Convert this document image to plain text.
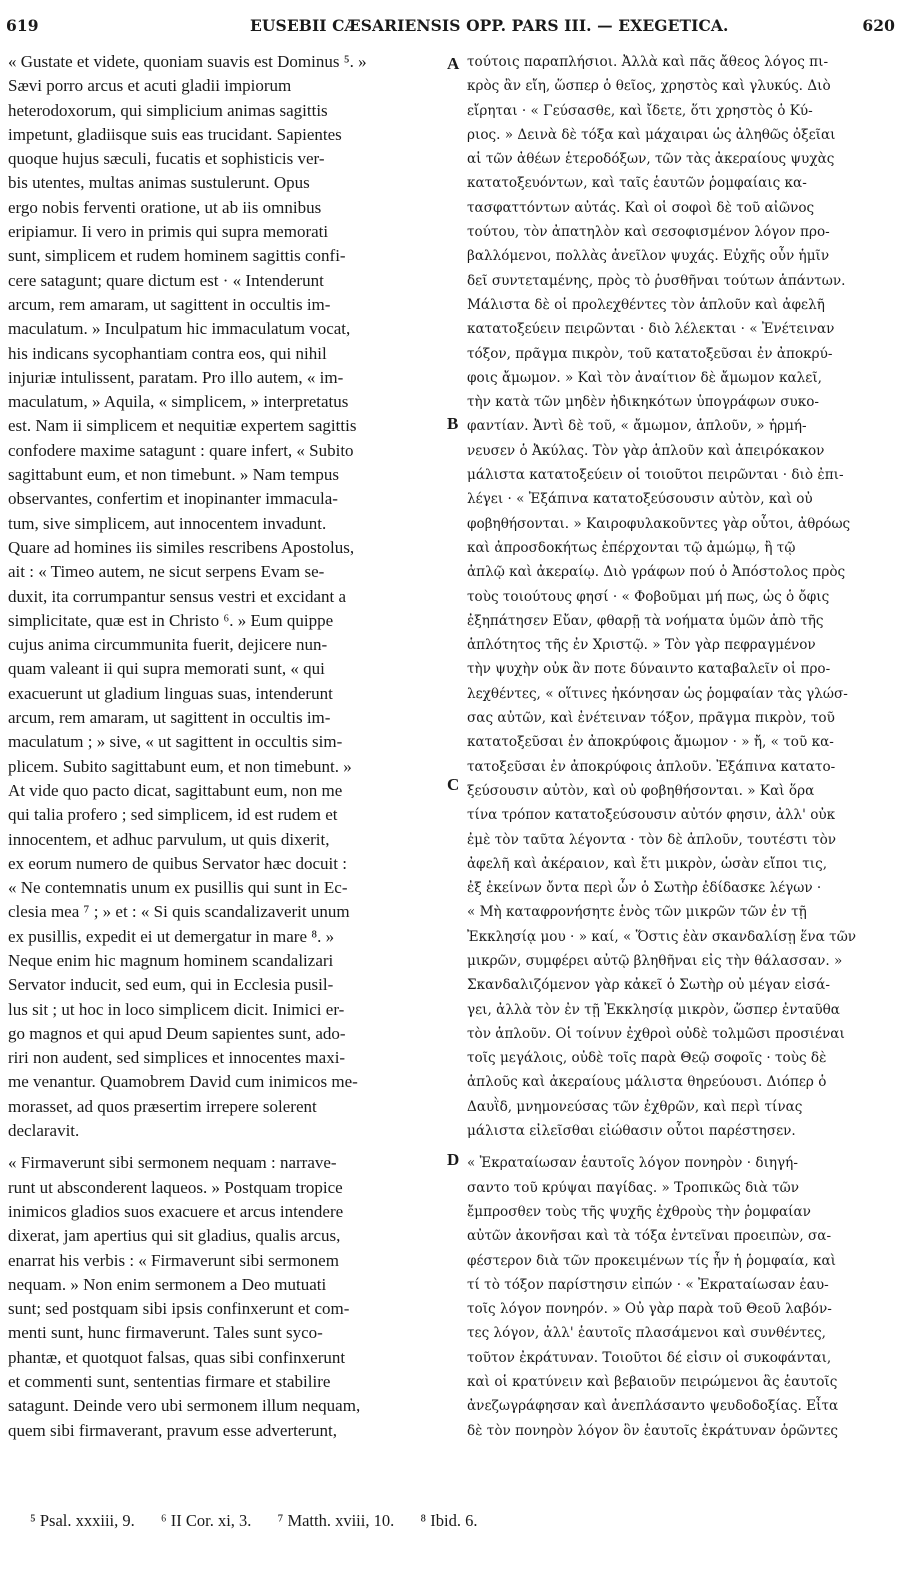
619	EUSEBII CÆSARIENSIS OPP. PARS III. — EXEGETICA.	620
« Gustate et videte, quoniam suavis est Dominus ⁵. »
Sævi porro arcus et acuti gladii impiorum
heterodoxorum, qui simplicium animas sagittis
impetunt, gladiisque suis eas trucidant. Sapientes
quoque hujus sæculi, fucatis et sophisticis ver-
bis utentes, multas animas sustulerunt. Opus
ergo nobis ferventi oratione, ut ab iis omnibus
eripiamur. Ii vero in primis qui supra memorati
sunt, simplicem et rudem hominem sagittis confi-
cere satagunt; quare dictum est · « Intenderunt
arcum, rem amaram, ut sagittent in occultis im-
maculatum. » Inculpatum hic immaculatum vocat,
his indicans sycophantiam contra eos, qui nihil
injuriæ intulissent, paratam. Pro illo autem, « im-
maculatum, » Aquila, « simplicem, » interpretatus
est. Nam ii simplicem et nequitiæ expertem sagittis
confodere maxime satagunt : quare infert, « Subito
sagittabunt eum, et non timebunt. » Nam tempus
observantes, confertim et inopinanter immacula-
tum, sive simplicem, aut innocentem invadunt.
Quare ad homines iis similes rescribens Apostolus,
ait : « Timeo autem, ne sicut serpens Evam se-
duxit, ita corrumpantur sensus vestri et excidant a
simplicitate, quæ est in Christo ⁶. » Eum quippe
cujus anima circummunita fuerit, dejicere nun-
quam valeant ii qui supra memorati sunt, « qui
exacuerunt ut gladium linguas suas, intenderunt
arcum, rem amaram, ut sagittent in occultis im-
maculatum ; » sive, « ut sagittent in occultis sim-
plicem. Subito sagittabunt eum, et non timebunt. »
At vide quo pacto dicat, sagittabunt eum, non me
qui talia profero ; sed simplicem, id est rudem et
innocentem, et adhuc parvulum, ut quis dixerit,
ex eorum numero de quibus Servator hæc docuit :
« Ne contemnatis unum ex pusillis qui sunt in Ec-
clesia mea ⁷ ; » et : « Si quis scandalizaverit unum
ex pusillis, expedit ei ut demergatur in mare ⁸. »
Neque enim hic magnum hominem scandalizari
Servator inducit, sed eum, qui in Ecclesia pusil-
lus sit ; ut hoc in loco simplicem dicit. Inimici er-
go magnos et qui apud Deum sapientes sunt, ado-
riri non audent, sed simplices et innocentes maxi-
me venantur. Quamobrem David cum inimicos me-
morasset, ad quos præsertim irrepere solerent
declaravit.
« Firmaverunt sibi sermonem nequam : narrave-
runt ut absconderent laqueos. » Postquam tropice
inimicos gladios suos exacuere et arcus intendere
dixerat, jam apertius qui sit gladius, qualis arcus,
enarrat his verbis : « Firmaverunt sibi sermonem
nequam. » Non enim sermonem a Deo mutuati
sunt; sed postquam sibi ipsis confinxerunt et com-
menti sunt, hunc firmaverunt. Tales sunt syco-
phantæ, et quotquot falsas, quas sibi confinxerunt
et commenti sunt, sententias firmare et stabilire
satagunt. Deinde vero ubi sermonem illum nequam,
quem sibi firmaverant, pravum esse adverterunt,
τούτοις παραπλήσιοι. Ἀλλὰ καὶ πᾶς ἄθεος λόγος πι-
κρὸς ἂν εἴη, ὥσπερ ὁ θεῖος, χρηστὸς καὶ γλυκύς. Διὸ
εἴρηται · « Γεύσασθε, καὶ ἴδετε, ὅτι χρηστὸς ὁ Κύ-
ριος. » Δεινὰ δὲ τόξα καὶ μάχαιραι ὡς ἀληθῶς ὀξεῖαι
αἱ τῶν ἀθέων ἑτεροδόξων, τῶν τὰς ἀκεραίους ψυχὰς
κατατοξευόντων, καὶ ταῖς ἑαυτῶν ῥομφαίαις κα-
τασφαττόντων αὐτάς. Καὶ οἱ σοφοὶ δὲ τοῦ αἰῶνος
τούτου, τὸν ἀπατηλὸν καὶ σεσοφισμένον λόγον προ-
βαλλόμενοι, πολλὰς ἀνεῖλον ψυχάς. Εὐχῆς οὖν ἡμῖν
δεῖ συντεταμένης, πρὸς τὸ ῥυσθῆναι τούτων ἁπάντων.
Μάλιστα δὲ οἱ προλεχθέντες τὸν ἁπλοῦν καὶ ἀφελῆ
κατατοξεύειν πειρῶνται · διὸ λέλεκται · « Ἐνέτειναν
τόξον, πρᾶγμα πικρὸν, τοῦ κατατοξεῦσαι ἐν ἀποκρύ-
φοις ἄμωμον. » Καὶ τὸν ἀναίτιον δὲ ἄμωμον καλεῖ,
τὴν κατὰ τῶν μηδὲν ἠδικηκότων ὑπογράφων συκο-
φαντίαν. Ἀντὶ δὲ τοῦ, « ἄμωμον, ἁπλοῦν, » ἡρμή-
νευσεν ὁ Ἀκύλας. Τὸν γὰρ ἁπλοῦν καὶ ἀπειρόκακον
μάλιστα κατατοξεύειν οἱ τοιοῦτοι πειρῶνται · διὸ ἐπι-
λέγει · « Ἐξάπινα κατατοξεύσουσιν αὐτὸν, καὶ οὐ
φοβηθήσονται. » Καιροφυλακοῦντες γὰρ οὗτοι, ἀθρόως
καὶ ἀπροσδοκήτως ἐπέρχονται τῷ ἀμώμῳ, ἢ τῷ
ἁπλῷ καὶ ἀκεραίῳ. Διὸ γράφων πού ὁ Ἀπόστολος πρὸς
τοὺς τοιούτους φησί · « Φοβοῦμαι μή πως, ὡς ὁ ὄφις
ἐξηπάτησεν Εὔαν, φθαρῇ τὰ νοήματα ὑμῶν ἀπὸ τῆς
ἁπλότητος τῆς ἐν Χριστῷ. » Τὸν γὰρ πεφραγμένον
τὴν ψυχὴν οὐκ ἂν ποτε δύναιντο καταβαλεῖν οἱ προ-
λεχθέντες, « οἵτινες ἠκόνησαν ὡς ῥομφαίαν τὰς γλώσ-
σας αὐτῶν, καὶ ἐνέτειναν τόξον, πρᾶγμα πικρὸν, τοῦ
κατατοξεῦσαι ἐν ἀποκρύφοις ἄμωμον · » ἤ, « τοῦ κα-
τατοξεῦσαι ἐν ἀποκρύφοις ἁπλοῦν. Ἐξάπινα κατατο-
ξεύσουσιν αὐτὸν, καὶ οὐ φοβηθήσονται. » Καὶ ὅρα
τίνα τρόπον κατατοξεύσουσιν αὐτόν φησιν, ἀλλ' οὐκ
ἐμὲ τὸν ταῦτα λέγοντα · τὸν δὲ ἁπλοῦν, τουτέστι τὸν
ἀφελῆ καὶ ἀκέραιον, καὶ ἔτι μικρὸν, ὡσὰν εἴποι τις,
ἐξ ἐκείνων ὄντα περὶ ὧν ὁ Σωτὴρ ἐδίδασκε λέγων ·
« Μὴ καταφρονήσητε ἑνὸς τῶν μικρῶν τῶν ἐν τῇ
Ἐκκλησίᾳ μου · » καί, « Ὅστις ἐὰν σκανδαλίσῃ ἕνα τῶν
μικρῶν, συμφέρει αὐτῷ βληθῆναι εἰς τὴν θάλασσαν. »
Σκανδαλιζόμενον γὰρ κἀκεῖ ὁ Σωτὴρ οὐ μέγαν εἰσά-
γει, ἀλλὰ τὸν ἐν τῇ Ἐκκλησίᾳ μικρὸν, ὥσπερ ἐνταῦθα
τὸν ἁπλοῦν. Οἱ τοίνυν ἐχθροὶ οὐδὲ τολμῶσι προσιέναι
τοῖς μεγάλοις, οὐδὲ τοῖς παρὰ Θεῷ σοφοῖς · τοὺς δὲ
ἁπλοῦς καὶ ἀκεραίους μάλιστα θηρεύουσι. Διόπερ ὁ
Δαυῒδ, μνημονεύσας τῶν ἐχθρῶν, καὶ περὶ τίνας
μάλιστα εἰλεῖσθαι εἰώθασιν οὗτοι παρέστησεν.
« Ἐκραταίωσαν ἑαυτοῖς λόγον πονηρὸν · διηγή-
σαντο τοῦ κρύψαι παγίδας. » Τροπικῶς διὰ τῶν
ἔμπροσθεν τοὺς τῆς ψυχῆς ἐχθροὺς τὴν ῥομφαίαν
αὐτῶν ἀκονῆσαι καὶ τὰ τόξα ἐντεῖναι προειπὼν, σα-
φέστερον διὰ τῶν προκειμένων τίς ἦν ἡ ῥομφαία, καὶ
τί τὸ τόξον παρίστησιν εἰπών · « Ἐκραταίωσαν ἑαυ-
τοῖς λόγον πονηρόν. » Οὐ γὰρ παρὰ τοῦ Θεοῦ λαβόν-
τες λόγον, ἀλλ' ἑαυτοῖς πλασάμενοι καὶ συνθέντες,
τοῦτον ἐκράτυναν. Τοιοῦτοι δέ εἰσιν οἱ συκοφάνται,
καὶ οἱ κρατύνειν καὶ βεβαιοῦν πειρώμενοι ἃς ἑαυτοῖς
ἀνεζωγράφησαν καὶ ἀνεπλάσαντο ψευδοδοξίας. Εἶτα
δὲ τὸν πονηρὸν λόγον ὃν ἑαυτοῖς ἐκράτυναν ὁρῶντες
A
B
C
D
⁵ Psal. xxxiii, 9. ⁶ II Cor. xi, 3. ⁷ Matth. xviii, 10. ⁸ Ibid. 6.
